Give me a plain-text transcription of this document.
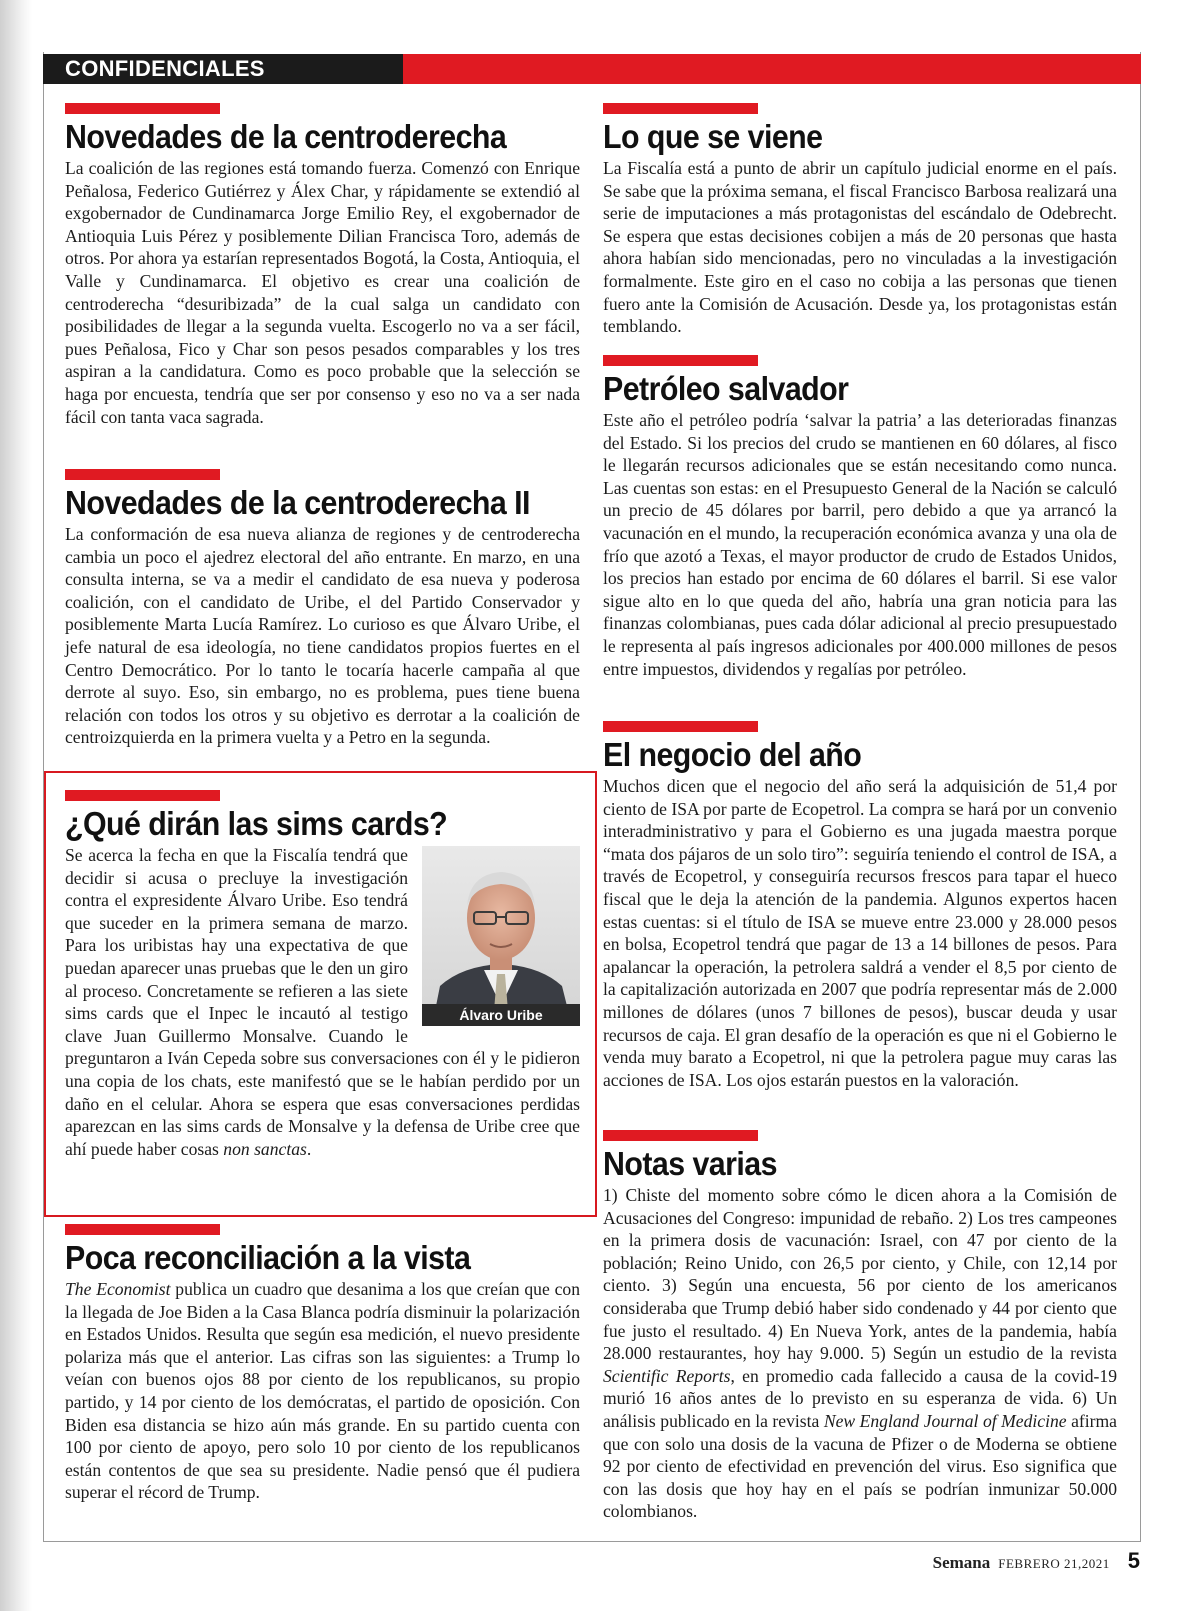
CONFIDENCIALES
Novedades de la centroderecha

La coalición de las regiones está tomando fuerza. Comenzó con Enrique Peñalosa, Federico Gutiérrez y Álex Char, y rápidamente se extendió al exgobernador de Cundinamarca Jorge Emilio Rey, el exgobernador de Antioquia Luis Pérez y posiblemente Dilian Francisca Toro, además de otros. Por ahora ya estarían representados Bogotá, la Costa, Antioquia, el Valle y Cundinamarca. El objetivo es crear una coalición de centroderecha “desuribizada” de la cual salga un candidato con posibilidades de llegar a la segunda vuelta. Escogerlo no va a ser fácil, pues Peñalosa, Fico y Char son pesos pesados comparables y los tres aspiran a la candidatura. Como es poco probable que la selección se haga por encuesta, tendría que ser por consenso y eso no va a ser nada fácil con tanta vaca sagrada.

Novedades de la centroderecha II

La conformación de esa nueva alianza de regiones y de centroderecha cambia un poco el ajedrez electoral del año entrante. En marzo, en una consulta interna, se va a medir el candidato de esa nueva y poderosa coalición, con el candidato de Uribe, el del Partido Conservador y posiblemente Marta Lucía Ramírez. Lo curioso es que Álvaro Uribe, el jefe natural de esa ideología, no tiene candidatos propios fuertes en el Centro Democrático. Por lo tanto le tocaría hacerle campaña al que derrote al suyo. Eso, sin embargo, no es problema, pues tiene buena relación con todos los otros y su objetivo es derrotar a la coalición de centroizquierda en la primera vuelta y a Petro en la segunda.

¿Qué dirán las sims cards?
Álvaro Uribe

Se acerca la fecha en que la Fiscalía tendrá que decidir si acusa o precluye la investigación contra el expresidente Álvaro Uribe. Eso tendrá que suceder en la primera semana de marzo. Para los uribistas hay una expectativa de que puedan aparecer unas pruebas que le den un giro al proceso. Concretamente se refieren a las siete sims cards que el Inpec le incautó al testigo clave Juan Guillermo Monsalve. Cuando le preguntaron a Iván Cepeda sobre sus conversaciones con él y le pidieron una copia de los chats, este manifestó que se le habían perdido por un daño en el celular. Ahora se espera que esas conversaciones perdidas aparezcan en las sims cards de Monsalve y la defensa de Uribe cree que ahí puede haber cosas non sanctas.

Poca reconciliación a la vista

The Economist publica un cuadro que desanima a los que creían que con la llegada de Joe Biden a la Casa Blanca podría disminuir la polarización en Estados Unidos. Resulta que según esa medición, el nuevo presidente polariza más que el anterior. Las cifras son las siguientes: a Trump lo veían con buenos ojos 88 por ciento de los republicanos, su propio partido, y 14 por ciento de los demócratas, el partido de oposición. Con Biden esa distancia se hizo aún más grande. En su partido cuenta con 100 por ciento de apoyo, pero solo 10 por ciento de los republicanos están contentos de que sea su presidente. Nadie pensó que él pudiera superar el récord de Trump.

Lo que se viene

La Fiscalía está a punto de abrir un capítulo judicial enorme en el país. Se sabe que la próxima semana, el fiscal Francisco Barbosa realizará una serie de imputaciones a más protagonistas del escándalo de Odebrecht. Se espera que estas decisiones cobijen a más de 20 personas que hasta ahora habían sido mencionadas, pero no vinculadas a la investigación formalmente. Este giro en el caso no cobija a las personas que tienen fuero ante la Comisión de Acusación. Desde ya, los protagonistas están temblando.

Petróleo salvador

Este año el petróleo podría ‘salvar la patria’ a las deterioradas finanzas del Estado. Si los precios del crudo se mantienen en 60 dólares, al fisco le llegarán recursos adicionales que se están necesitando como nunca. Las cuentas son estas: en el Presupuesto General de la Nación se calculó un precio de 45 dólares por barril, pero debido a que ya arrancó la vacunación en el mundo, la recuperación económica avanza y una ola de frío que azotó a Texas, el mayor productor de crudo de Estados Unidos, los precios han estado por encima de 60 dólares el barril. Si ese valor sigue alto en lo que queda del año, habría una gran noticia para las finanzas colombianas, pues cada dólar adicional al precio presupuestado le representa al país ingresos adicionales por 400.000 millones de pesos entre impuestos, dividendos y regalías por petróleo.

El negocio del año

Muchos dicen que el negocio del año será la adquisición de 51,4 por ciento de ISA por parte de Ecopetrol. La compra se hará por un convenio interadministrativo y para el Gobierno es una jugada maestra porque “mata dos pájaros de un solo tiro”: seguiría teniendo el control de ISA, a través de Ecopetrol, y conseguiría recursos frescos para tapar el hueco fiscal que le deja la atención de la pandemia. Algunos expertos hacen estas cuentas: si el título de ISA se mueve entre 23.000 y 28.000 pesos en bolsa, Ecopetrol tendrá que pagar de 13 a 14 billones de pesos. Para apalancar la operación, la petrolera saldrá a vender el 8,5 por ciento de la capitalización autorizada en 2007 que podría representar más de 2.000 millones de dólares (unos 7 billones de pesos), buscar deuda y usar recursos de caja. El gran desafío de la operación es que ni el Gobierno le venda muy barato a Ecopetrol, ni que la petrolera pague muy caras las acciones de ISA. Los ojos estarán puestos en la valoración.

Notas varias

1) Chiste del momento sobre cómo le dicen ahora a la Comisión de Acusaciones del Congreso: impunidad de rebaño. 2) Los tres campeones en la primera dosis de vacunación: Israel, con 47 por ciento de la población; Reino Unido, con 26,5 por ciento, y Chile, con 12,14 por ciento. 3) Según una encuesta, 56 por ciento de los americanos consideraba que Trump debió haber sido condenado y 44 por ciento que fue justo el resultado. 4) En Nueva York, antes de la pandemia, había 28.000 restaurantes, hoy hay 9.000. 5) Según un estudio de la revista Scientific Reports, en promedio cada fallecido a causa de la covid-19 murió 16 años antes de lo previsto en su esperanza de vida. 6) Un análisis publicado en la revista New England Journal of Medicine afirma que con solo una dosis de la vacuna de Pfizer o de Moderna se obtiene 92 por ciento de efectividad en prevención del virus. Eso significa que con las dosis que hoy hay en el país se podrían inmunizar 50.000 colombianos.

Semana FEBRERO 21,2021 5
